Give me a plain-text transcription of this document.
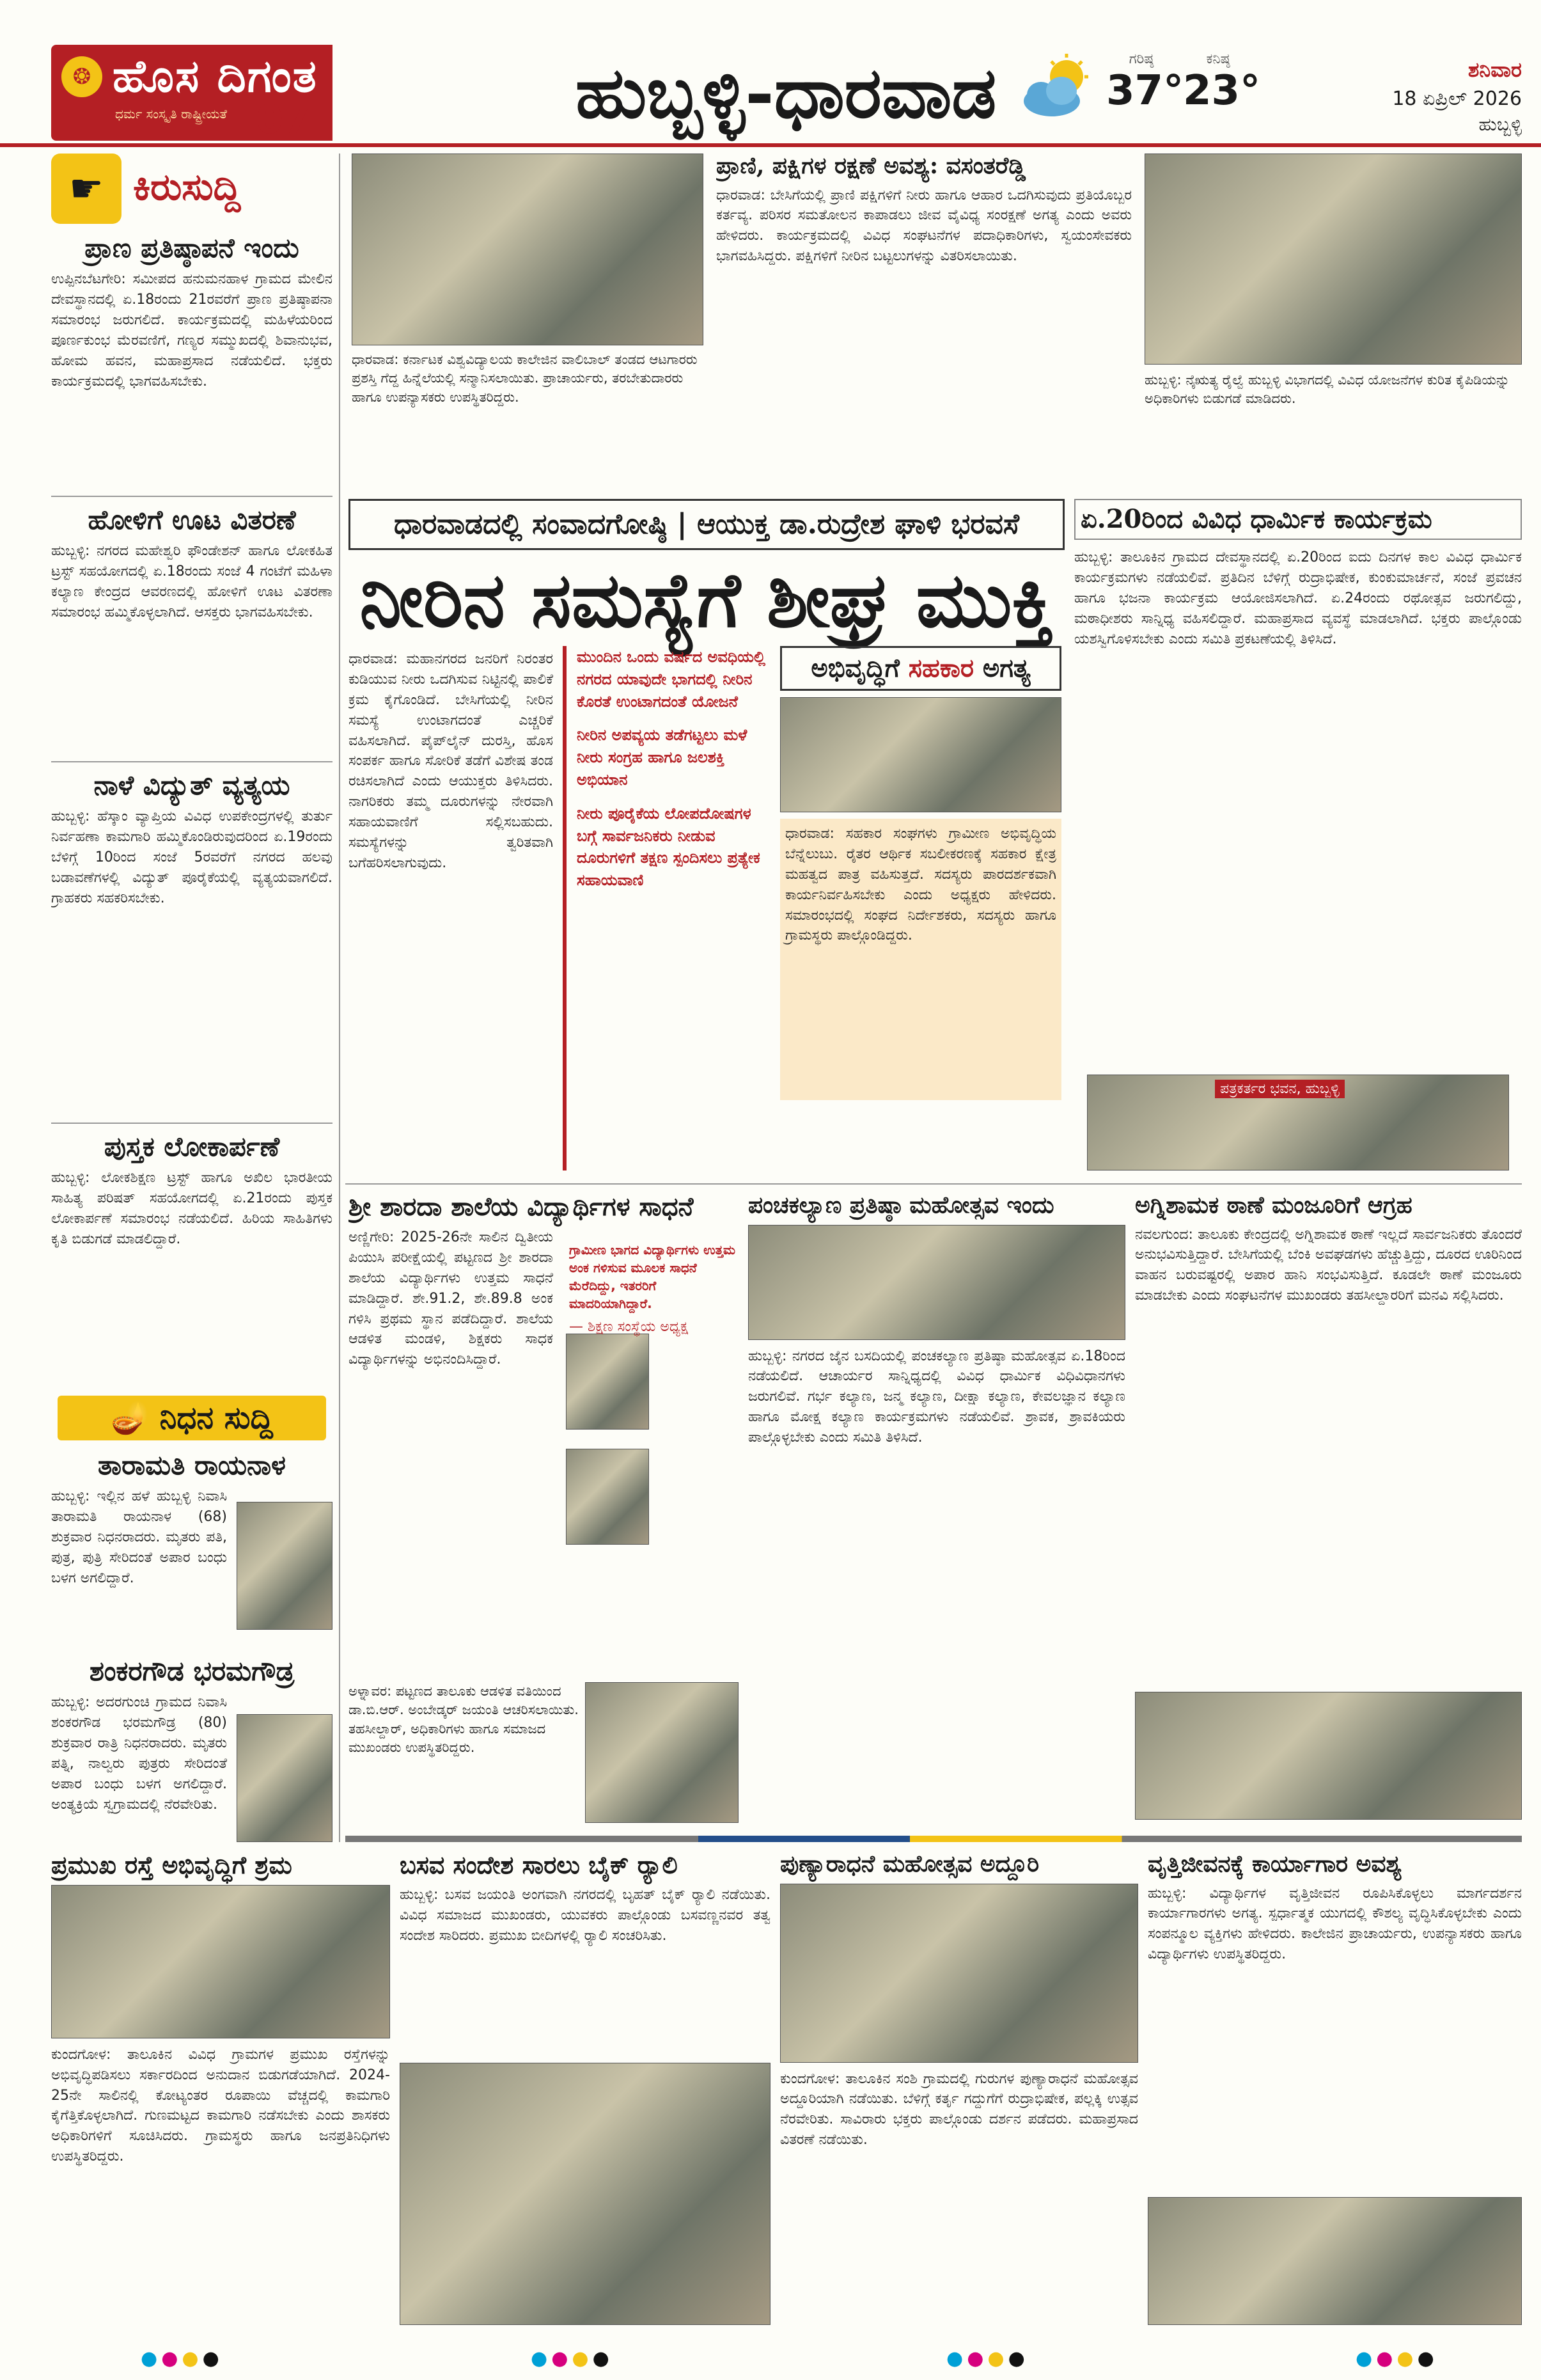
❂ ಹೊಸ ದಿಗಂತ
ಧರ್ಮ ಸಂಸ್ಕೃತಿ ರಾಷ್ಟ್ರೀಯತೆ 07	ಹುಬ್ಬಳ್ಳಿ-ಧಾರವಾಡ	ಗರಿಷ್ಠ
37°
ಕನಿಷ್ಠ
23°	ಶನಿವಾರ
18 ಏಪ್ರಿಲ್ 2026
ಹುಬ್ಬಳ್ಳಿ
☛ ಕಿರುಸುದ್ದಿ
ಪ್ರಾಣ ಪ್ರತಿಷ್ಠಾಪನೆ ಇಂದು
ಉಪ್ಪಿನಬೆಟಗೇರಿ: ಸಮೀಪದ ಹನುಮನಹಾಳ ಗ್ರಾಮದ ಮೇಲಿನ ದೇವಸ್ಥಾನದಲ್ಲಿ ಏ.18ರಂದು 21ರವರೆಗೆ ಪ್ರಾಣ ಪ್ರತಿಷ್ಠಾಪನಾ ಸಮಾರಂಭ ಜರುಗಲಿದೆ. ಕಾರ್ಯಕ್ರಮದಲ್ಲಿ ಮಹಿಳೆಯರಿಂದ ಪೂರ್ಣಕುಂಭ ಮೆರವಣಿಗೆ, ಗಣ್ಯರ ಸಮ್ಮುಖದಲ್ಲಿ ಶಿವಾನುಭವ, ಹೋಮ ಹವನ, ಮಹಾಪ್ರಸಾದ ನಡೆಯಲಿದೆ. ಭಕ್ತರು ಕಾರ್ಯಕ್ರಮದಲ್ಲಿ ಭಾಗವಹಿಸಬೇಕು.
ಹೋಳಿಗೆ ಊಟ ವಿತರಣೆ
ಹುಬ್ಬಳ್ಳಿ: ನಗರದ ಮಹೇಶ್ವರಿ ಫೌಂಡೇಶನ್ ಹಾಗೂ ಲೋಕಹಿತ ಟ್ರಸ್ಟ್ ಸಹಯೋಗದಲ್ಲಿ ಏ.18ರಂದು ಸಂಜೆ 4 ಗಂಟೆಗೆ ಮಹಿಳಾ ಕಲ್ಯಾಣ ಕೇಂದ್ರದ ಆವರಣದಲ್ಲಿ ಹೋಳಿಗೆ ಊಟ ವಿತರಣಾ ಸಮಾರಂಭ ಹಮ್ಮಿಕೊಳ್ಳಲಾಗಿದೆ. ಆಸಕ್ತರು ಭಾಗವಹಿಸಬೇಕು.
ನಾಳೆ ವಿದ್ಯುತ್ ವ್ಯತ್ಯಯ
ಹುಬ್ಬಳ್ಳಿ: ಹೆಸ್ಕಾಂ ವ್ಯಾಪ್ತಿಯ ವಿವಿಧ ಉಪಕೇಂದ್ರಗಳಲ್ಲಿ ತುರ್ತು ನಿರ್ವಹಣಾ ಕಾಮಗಾರಿ ಹಮ್ಮಿಕೊಂಡಿರುವುದರಿಂದ ಏ.19ರಂದು ಬೆಳಿಗ್ಗೆ 10ರಿಂದ ಸಂಜೆ 5ರವರೆಗೆ ನಗರದ ಹಲವು ಬಡಾವಣೆಗಳಲ್ಲಿ ವಿದ್ಯುತ್ ಪೂರೈಕೆಯಲ್ಲಿ ವ್ಯತ್ಯಯವಾಗಲಿದೆ. ಗ್ರಾಹಕರು ಸಹಕರಿಸಬೇಕು.
ಪುಸ್ತಕ ಲೋಕಾರ್ಪಣೆ
ಹುಬ್ಬಳ್ಳಿ: ಲೋಕಶಿಕ್ಷಣ ಟ್ರಸ್ಟ್ ಹಾಗೂ ಅಖಿಲ ಭಾರತೀಯ ಸಾಹಿತ್ಯ ಪರಿಷತ್ ಸಹಯೋಗದಲ್ಲಿ ಏ.21ರಂದು ಪುಸ್ತಕ ಲೋಕಾರ್ಪಣೆ ಸಮಾರಂಭ ನಡೆಯಲಿದೆ. ಹಿರಿಯ ಸಾಹಿತಿಗಳು ಕೃತಿ ಬಿಡುಗಡೆ ಮಾಡಲಿದ್ದಾರೆ.
🪔 ನಿಧನ ಸುದ್ದಿ
ತಾರಾಮತಿ ರಾಯನಾಳ
ಹುಬ್ಬಳ್ಳಿ: ಇಲ್ಲಿನ ಹಳೆ ಹುಬ್ಬಳ್ಳಿ ನಿವಾಸಿ ತಾರಾಮತಿ ರಾಯನಾಳ (68) ಶುಕ್ರವಾರ ನಿಧನರಾದರು. ಮೃತರು ಪತಿ, ಪುತ್ರ, ಪುತ್ರಿ ಸೇರಿದಂತೆ ಅಪಾರ ಬಂಧು ಬಳಗ ಅಗಲಿದ್ದಾರೆ.
ಶಂಕರಗೌಡ ಭರಮಗೌಡ್ರ
ಹುಬ್ಬಳ್ಳಿ: ಅದರಗುಂಚಿ ಗ್ರಾಮದ ನಿವಾಸಿ ಶಂಕರಗೌಡ ಭರಮಗೌಡ್ರ (80) ಶುಕ್ರವಾರ ರಾತ್ರಿ ನಿಧನರಾದರು. ಮೃತರು ಪತ್ನಿ, ನಾಲ್ವರು ಪುತ್ರರು ಸೇರಿದಂತೆ ಅಪಾರ ಬಂಧು ಬಳಗ ಅಗಲಿದ್ದಾರೆ. ಅಂತ್ಯಕ್ರಿಯೆ ಸ್ವಗ್ರಾಮದಲ್ಲಿ ನೆರವೇರಿತು.
ಧಾರವಾಡ: ಕರ್ನಾಟಕ ವಿಶ್ವವಿದ್ಯಾಲಯ ಕಾಲೇಜಿನ ವಾಲಿಬಾಲ್ ತಂಡದ ಆಟಗಾರರು ಪ್ರಶಸ್ತಿ ಗೆದ್ದ ಹಿನ್ನೆಲೆಯಲ್ಲಿ ಸನ್ಮಾನಿಸಲಾಯಿತು. ಪ್ರಾಚಾರ್ಯರು, ತರಬೇತುದಾರರು ಹಾಗೂ ಉಪನ್ಯಾಸಕರು ಉಪಸ್ಥಿತರಿದ್ದರು.
ಪ್ರಾಣಿ, ಪಕ್ಷಿಗಳ ರಕ್ಷಣೆ ಅವಶ್ಯ: ವಸಂತರೆಡ್ಡಿ
ಧಾರವಾಡ: ಬೇಸಿಗೆಯಲ್ಲಿ ಪ್ರಾಣಿ ಪಕ್ಷಿಗಳಿಗೆ ನೀರು ಹಾಗೂ ಆಹಾರ ಒದಗಿಸುವುದು ಪ್ರತಿಯೊಬ್ಬರ ಕರ್ತವ್ಯ. ಪರಿಸರ ಸಮತೋಲನ ಕಾಪಾಡಲು ಜೀವ ವೈವಿಧ್ಯ ಸಂರಕ್ಷಣೆ ಅಗತ್ಯ ಎಂದು ಅವರು ಹೇಳಿದರು. ಕಾರ್ಯಕ್ರಮದಲ್ಲಿ ವಿವಿಧ ಸಂಘಟನೆಗಳ ಪದಾಧಿಕಾರಿಗಳು, ಸ್ವಯಂಸೇವಕರು ಭಾಗವಹಿಸಿದ್ದರು. ಪಕ್ಷಿಗಳಿಗೆ ನೀರಿನ ಬಟ್ಟಲುಗಳನ್ನು ವಿತರಿಸಲಾಯಿತು.
ಹುಬ್ಬಳ್ಳಿ: ನೈಋತ್ಯ ರೈಲ್ವೆ ಹುಬ್ಬಳ್ಳಿ ವಿಭಾಗದಲ್ಲಿ ವಿವಿಧ ಯೋಜನೆಗಳ ಕುರಿತ ಕೈಪಿಡಿಯನ್ನು ಅಧಿಕಾರಿಗಳು ಬಿಡುಗಡೆ ಮಾಡಿದರು.
ಧಾರವಾಡದಲ್ಲಿ ಸಂವಾದಗೋಷ್ಠಿ | ಆಯುಕ್ತ ಡಾ.ರುದ್ರೇಶ ಘಾಳಿ ಭರವಸೆ
ನೀರಿನ ಸಮಸ್ಯೆಗೆ ಶೀಘ್ರ ಮುಕ್ತಿ
ಧಾರವಾಡ: ಮಹಾನಗರದ ಜನರಿಗೆ ನಿರಂತರ ಕುಡಿಯುವ ನೀರು ಒದಗಿಸುವ ನಿಟ್ಟಿನಲ್ಲಿ ಪಾಲಿಕೆ ಕ್ರಮ ಕೈಗೊಂಡಿದೆ. ಬೇಸಿಗೆಯಲ್ಲಿ ನೀರಿನ ಸಮಸ್ಯೆ ಉಂಟಾಗದಂತೆ ಎಚ್ಚರಿಕೆ ವಹಿಸಲಾಗಿದೆ. ಪೈಪ್‌ಲೈನ್ ದುರಸ್ತಿ, ಹೊಸ ಸಂಪರ್ಕ ಹಾಗೂ ಸೋರಿಕೆ ತಡೆಗೆ ವಿಶೇಷ ತಂಡ ರಚಿಸಲಾಗಿದೆ ಎಂದು ಆಯುಕ್ತರು ತಿಳಿಸಿದರು. ನಾಗರಿಕರು ತಮ್ಮ ದೂರುಗಳನ್ನು ನೇರವಾಗಿ ಸಹಾಯವಾಣಿಗೆ ಸಲ್ಲಿಸಬಹುದು. ಸಮಸ್ಯೆಗಳನ್ನು ತ್ವರಿತವಾಗಿ ಬಗೆಹರಿಸಲಾಗುವುದು.

ಮುಂದಿನ ಒಂದು ವರ್ಷದ ಅವಧಿಯಲ್ಲಿ ನಗರದ ಯಾವುದೇ ಭಾಗದಲ್ಲಿ ನೀರಿನ ಕೊರತೆ ಉಂಟಾಗದಂತೆ ಯೋಜನೆ

ನೀರಿನ ಅಪವ್ಯಯ ತಡೆಗಟ್ಟಲು ಮಳೆ ನೀರು ಸಂಗ್ರಹ ಹಾಗೂ ಜಲಶಕ್ತಿ ಅಭಿಯಾನ

ನೀರು ಪೂರೈಕೆಯ ಲೋಪದೋಷಗಳ ಬಗ್ಗೆ ಸಾರ್ವಜನಿಕರು ನೀಡುವ ದೂರುಗಳಿಗೆ ತಕ್ಷಣ ಸ್ಪಂದಿಸಲು ಪ್ರತ್ಯೇಕ ಸಹಾಯವಾಣಿ

ಅಭಿವೃದ್ಧಿಗೆ ಸಹಕಾರ ಅಗತ್ಯ
ಧಾರವಾಡ: ಸಹಕಾರ ಸಂಘಗಳು ಗ್ರಾಮೀಣ ಅಭಿವೃದ್ಧಿಯ ಬೆನ್ನೆಲುಬು. ರೈತರ ಆರ್ಥಿಕ ಸಬಲೀಕರಣಕ್ಕೆ ಸಹಕಾರ ಕ್ಷೇತ್ರ ಮಹತ್ವದ ಪಾತ್ರ ವಹಿಸುತ್ತದೆ. ಸದಸ್ಯರು ಪಾರದರ್ಶಕವಾಗಿ ಕಾರ್ಯನಿರ್ವಹಿಸಬೇಕು ಎಂದು ಅಧ್ಯಕ್ಷರು ಹೇಳಿದರು. ಸಮಾರಂಭದಲ್ಲಿ ಸಂಘದ ನಿರ್ದೇಶಕರು, ಸದಸ್ಯರು ಹಾಗೂ ಗ್ರಾಮಸ್ಥರು ಪಾಲ್ಗೊಂಡಿದ್ದರು.
ಏ.20ರಿಂದ ವಿವಿಧ ಧಾರ್ಮಿಕ ಕಾರ್ಯಕ್ರಮ
ಹುಬ್ಬಳ್ಳಿ: ತಾಲೂಕಿನ ಗ್ರಾಮದ ದೇವಸ್ಥಾನದಲ್ಲಿ ಏ.20ರಿಂದ ಐದು ದಿನಗಳ ಕಾಲ ವಿವಿಧ ಧಾರ್ಮಿಕ ಕಾರ್ಯಕ್ರಮಗಳು ನಡೆಯಲಿವೆ. ಪ್ರತಿದಿನ ಬೆಳಿಗ್ಗೆ ರುದ್ರಾಭಿಷೇಕ, ಕುಂಕುಮಾರ್ಚನೆ, ಸಂಜೆ ಪ್ರವಚನ ಹಾಗೂ ಭಜನಾ ಕಾರ್ಯಕ್ರಮ ಆಯೋಜಿಸಲಾಗಿದೆ. ಏ.24ರಂದು ರಥೋತ್ಸವ ಜರುಗಲಿದ್ದು, ಮಠಾಧೀಶರು ಸಾನ್ನಿಧ್ಯ ವಹಿಸಲಿದ್ದಾರೆ. ಮಹಾಪ್ರಸಾದ ವ್ಯವಸ್ಥೆ ಮಾಡಲಾಗಿದೆ. ಭಕ್ತರು ಪಾಲ್ಗೊಂಡು ಯಶಸ್ವಿಗೊಳಿಸಬೇಕು ಎಂದು ಸಮಿತಿ ಪ್ರಕಟಣೆಯಲ್ಲಿ ತಿಳಿಸಿದೆ.
ಪತ್ರಕರ್ತರ ಭವನ, ಹುಬ್ಬಳ್ಳಿ
ಶ್ರೀ ಶಾರದಾ ಶಾಲೆಯ ವಿದ್ಯಾರ್ಥಿಗಳ ಸಾಧನೆ
ಅಣ್ಣಿಗೇರಿ: 2025-26ನೇ ಸಾಲಿನ ದ್ವಿತೀಯ ಪಿಯುಸಿ ಪರೀಕ್ಷೆಯಲ್ಲಿ ಪಟ್ಟಣದ ಶ್ರೀ ಶಾರದಾ ಶಾಲೆಯ ವಿದ್ಯಾರ್ಥಿಗಳು ಉತ್ತಮ ಸಾಧನೆ ಮಾಡಿದ್ದಾರೆ. ಶೇ.91.2, ಶೇ.89.8 ಅಂಕ ಗಳಿಸಿ ಪ್ರಥಮ ಸ್ಥಾನ ಪಡೆದಿದ್ದಾರೆ. ಶಾಲೆಯ ಆಡಳಿತ ಮಂಡಳಿ, ಶಿಕ್ಷಕರು ಸಾಧಕ ವಿದ್ಯಾರ್ಥಿಗಳನ್ನು ಅಭಿನಂದಿಸಿದ್ದಾರೆ.
ಗ್ರಾಮೀಣ ಭಾಗದ ವಿದ್ಯಾರ್ಥಿಗಳು ಉತ್ತಮ ಅಂಕ ಗಳಿಸುವ ಮೂಲಕ ಸಾಧನೆ ಮೆರೆದಿದ್ದು, ಇತರರಿಗೆ ಮಾದರಿಯಾಗಿದ್ದಾರೆ.
— ಶಿಕ್ಷಣ ಸಂಸ್ಥೆಯ ಅಧ್ಯಕ್ಷ
ಅಳ್ನಾವರ: ಪಟ್ಟಣದ ತಾಲೂಕು ಆಡಳಿತ ವತಿಯಿಂದ ಡಾ.ಬಿ.ಆರ್. ಅಂಬೇಡ್ಕರ್ ಜಯಂತಿ ಆಚರಿಸಲಾಯಿತು. ತಹಸೀಲ್ದಾರ್, ಅಧಿಕಾರಿಗಳು ಹಾಗೂ ಸಮಾಜದ ಮುಖಂಡರು ಉಪಸ್ಥಿತರಿದ್ದರು.
ಪಂಚಕಲ್ಯಾಣ ಪ್ರತಿಷ್ಠಾ ಮಹೋತ್ಸವ ಇಂದು
ಹುಬ್ಬಳ್ಳಿ: ನಗರದ ಜೈನ ಬಸದಿಯಲ್ಲಿ ಪಂಚಕಲ್ಯಾಣ ಪ್ರತಿಷ್ಠಾ ಮಹೋತ್ಸವ ಏ.18ರಿಂದ ನಡೆಯಲಿದೆ. ಆಚಾರ್ಯರ ಸಾನ್ನಿಧ್ಯದಲ್ಲಿ ವಿವಿಧ ಧಾರ್ಮಿಕ ವಿಧಿವಿಧಾನಗಳು ಜರುಗಲಿವೆ. ಗರ್ಭ ಕಲ್ಯಾಣ, ಜನ್ಮ ಕಲ್ಯಾಣ, ದೀಕ್ಷಾ ಕಲ್ಯಾಣ, ಕೇವಲಜ್ಞಾನ ಕಲ್ಯಾಣ ಹಾಗೂ ಮೋಕ್ಷ ಕಲ್ಯಾಣ ಕಾರ್ಯಕ್ರಮಗಳು ನಡೆಯಲಿವೆ. ಶ್ರಾವಕ, ಶ್ರಾವಕಿಯರು ಪಾಲ್ಗೊಳ್ಳಬೇಕು ಎಂದು ಸಮಿತಿ ತಿಳಿಸಿದೆ.
ಅಗ್ನಿಶಾಮಕ ಠಾಣೆ ಮಂಜೂರಿಗೆ ಆಗ್ರಹ
ನವಲಗುಂದ: ತಾಲೂಕು ಕೇಂದ್ರದಲ್ಲಿ ಅಗ್ನಿಶಾಮಕ ಠಾಣೆ ಇಲ್ಲದೆ ಸಾರ್ವಜನಿಕರು ತೊಂದರೆ ಅನುಭವಿಸುತ್ತಿದ್ದಾರೆ. ಬೇಸಿಗೆಯಲ್ಲಿ ಬೆಂಕಿ ಅವಘಡಗಳು ಹೆಚ್ಚುತ್ತಿದ್ದು, ದೂರದ ಊರಿನಿಂದ ವಾಹನ ಬರುವಷ್ಟರಲ್ಲಿ ಅಪಾರ ಹಾನಿ ಸಂಭವಿಸುತ್ತಿದೆ. ಕೂಡಲೇ ಠಾಣೆ ಮಂಜೂರು ಮಾಡಬೇಕು ಎಂದು ಸಂಘಟನೆಗಳ ಮುಖಂಡರು ತಹಸೀಲ್ದಾರರಿಗೆ ಮನವಿ ಸಲ್ಲಿಸಿದರು.
ಪ್ರಮುಖ ರಸ್ತೆ ಅಭಿವೃದ್ಧಿಗೆ ಶ್ರಮ
ಕುಂದಗೋಳ: ತಾಲೂಕಿನ ವಿವಿಧ ಗ್ರಾಮಗಳ ಪ್ರಮುಖ ರಸ್ತೆಗಳನ್ನು ಅಭಿವೃದ್ಧಿಪಡಿಸಲು ಸರ್ಕಾರದಿಂದ ಅನುದಾನ ಬಿಡುಗಡೆಯಾಗಿದೆ. 2024-25ನೇ ಸಾಲಿನಲ್ಲಿ ಕೋಟ್ಯಂತರ ರೂಪಾಯಿ ವೆಚ್ಚದಲ್ಲಿ ಕಾಮಗಾರಿ ಕೈಗೆತ್ತಿಕೊಳ್ಳಲಾಗಿದೆ. ಗುಣಮಟ್ಟದ ಕಾಮಗಾರಿ ನಡೆಸಬೇಕು ಎಂದು ಶಾಸಕರು ಅಧಿಕಾರಿಗಳಿಗೆ ಸೂಚಿಸಿದರು. ಗ್ರಾಮಸ್ಥರು ಹಾಗೂ ಜನಪ್ರತಿನಿಧಿಗಳು ಉಪಸ್ಥಿತರಿದ್ದರು.
ಬಸವ ಸಂದೇಶ ಸಾರಲು ಬೈಕ್ ರ‍್ಯಾಲಿ
ಹುಬ್ಬಳ್ಳಿ: ಬಸವ ಜಯಂತಿ ಅಂಗವಾಗಿ ನಗರದಲ್ಲಿ ಬೃಹತ್ ಬೈಕ್ ರ‍್ಯಾಲಿ ನಡೆಯಿತು. ವಿವಿಧ ಸಮಾಜದ ಮುಖಂಡರು, ಯುವಕರು ಪಾಲ್ಗೊಂಡು ಬಸವಣ್ಣನವರ ತತ್ವ ಸಂದೇಶ ಸಾರಿದರು. ಪ್ರಮುಖ ಬೀದಿಗಳಲ್ಲಿ ರ‍್ಯಾಲಿ ಸಂಚರಿಸಿತು.
ಪುಣ್ಯಾರಾಧನೆ ಮಹೋತ್ಸವ ಅದ್ದೂರಿ
ಕುಂದಗೋಳ: ತಾಲೂಕಿನ ಸಂಶಿ ಗ್ರಾಮದಲ್ಲಿ ಗುರುಗಳ ಪುಣ್ಯಾರಾಧನೆ ಮಹೋತ್ಸವ ಅದ್ದೂರಿಯಾಗಿ ನಡೆಯಿತು. ಬೆಳಿಗ್ಗೆ ಕರ್ತೃ ಗದ್ದುಗೆಗೆ ರುದ್ರಾಭಿಷೇಕ, ಪಲ್ಲಕ್ಕಿ ಉತ್ಸವ ನೆರವೇರಿತು. ಸಾವಿರಾರು ಭಕ್ತರು ಪಾಲ್ಗೊಂಡು ದರ್ಶನ ಪಡೆದರು. ಮಹಾಪ್ರಸಾದ ವಿತರಣೆ ನಡೆಯಿತು.
ವೃತ್ತಿಜೀವನಕ್ಕೆ ಕಾರ್ಯಾಗಾರ ಅವಶ್ಯ
ಹುಬ್ಬಳ್ಳಿ: ವಿದ್ಯಾರ್ಥಿಗಳ ವೃತ್ತಿಜೀವನ ರೂಪಿಸಿಕೊಳ್ಳಲು ಮಾರ್ಗದರ್ಶನ ಕಾರ್ಯಾಗಾರಗಳು ಅಗತ್ಯ. ಸ್ಪರ್ಧಾತ್ಮಕ ಯುಗದಲ್ಲಿ ಕೌಶಲ್ಯ ವೃದ್ಧಿಸಿಕೊಳ್ಳಬೇಕು ಎಂದು ಸಂಪನ್ಮೂಲ ವ್ಯಕ್ತಿಗಳು ಹೇಳಿದರು. ಕಾಲೇಜಿನ ಪ್ರಾಚಾರ್ಯರು, ಉಪನ್ಯಾಸಕರು ಹಾಗೂ ವಿದ್ಯಾರ್ಥಿಗಳು ಉಪಸ್ಥಿತರಿದ್ದರು.
●●●●	●●●●	●●●●	●●●●
